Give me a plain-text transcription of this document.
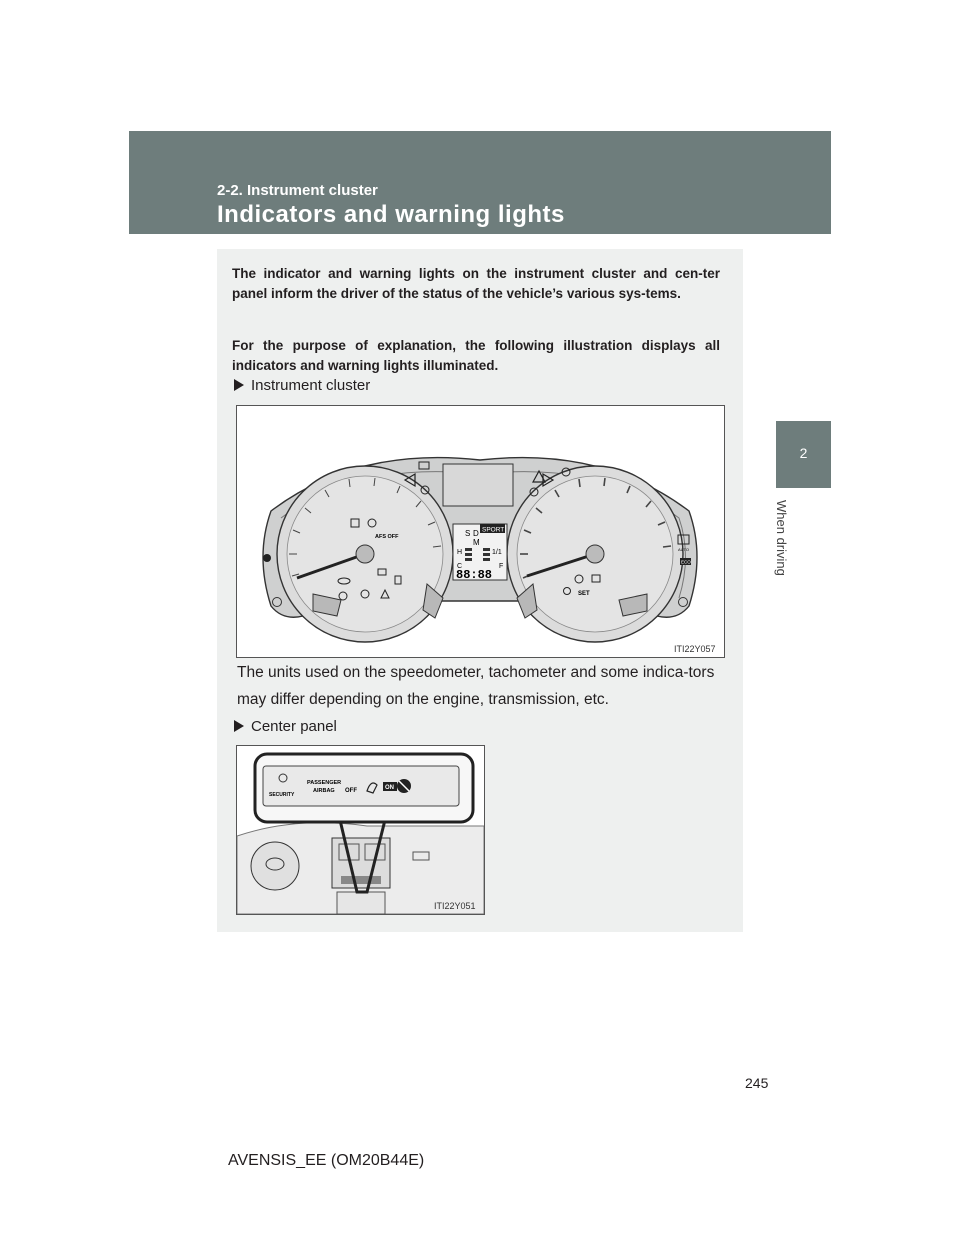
2-2. Instrument cluster
Indicators and warning lights
2
When driving

The indicator and warning lights on the instrument cluster and cen-ter panel inform the driver of the status of the vehicle’s various sys-tems.

For the purpose of explanation, the following illustration displays all indicators and warning lights illuminated.

Instrument cluster
D
S
M
SPORT
H
C
1/1
F
88:88
AFS OFF
SET
AUTO
ECO
ITI22Y057

The units used on the speedometer, tachometer and some indica-tors may differ depending on the engine, transmission, etc.

Center panel
SECURITY
PASSENGER
AIRBAG OFF	ON
ITI22Y051
245
AVENSIS_EE (OM20B44E)
